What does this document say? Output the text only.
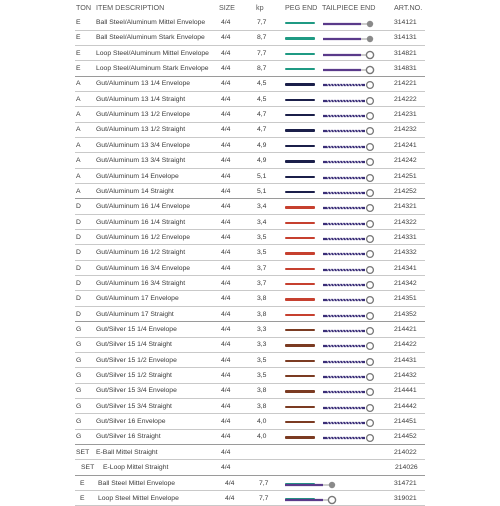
TON ITEM DESCRIPTION	SIZE	kp	PEG END TAILPIECE END	ART.NO.
E Ball Steel/Aluminum Mittel Envelope 4/4	7,7	314121
E Ball Steel/Aluminum Stark Envelope 4/4	8,7	314131
E Loop Steel/Aluminum Mittel Envelope 4/4	7,7	314821
E Loop Steel/Aluminum Stark Envelope 4/4	8,7	314831
A Gut/Aluminum 13 1/4 Envelope	4/4	4,5	214221
A Gut/Aluminum 13 1/4 Straight	4/4	4,5	214222
A Gut/Aluminum 13 1/2 Envelope	4/4	4,7	214231
A Gut/Aluminum 13 1/2 Straight	4/4	4,7	214232
A Gut/Aluminum 13 3/4 Envelope	4/4	4,9	214241
A Gut/Aluminum 13 3/4 Straight	4/4	4,9	214242
A Gut/Aluminum 14 Envelope	4/4	5,1	214251
A Gut/Aluminum 14 Straight	4/4	5,1	214252
D Gut/Aluminum 16 1/4 Envelope	4/4	3,4	214321
D Gut/Aluminum 16 1/4 Straight	4/4	3,4	214322
D Gut/Aluminum 16 1/2 Envelope	4/4	3,5	214331
D Gut/Aluminum 16 1/2 Straight	4/4	3,5	214332
D Gut/Aluminum 16 3/4 Envelope	4/4	3,7	214341
D Gut/Aluminum 16 3/4 Straight	4/4	3,7	214342
D Gut/Aluminum 17 Envelope	4/4	3,8	214351
D Gut/Aluminum 17 Straight	4/4	3,8	214352
G Gut/Silver 15 1/4 Envelope	4/4	3,3	214421
G Gut/Silver 15 1/4 Straight	4/4	3,3	214422
G Gut/Silver 15 1/2 Envelope	4/4	3,5	214431
G Gut/Silver 15 1/2 Straight	4/4	3,5	214432
G Gut/Silver 15 3/4 Envelope	4/4	3,8	214441
G Gut/Silver 15 3/4 Straight	4/4	3,8	214442
G Gut/Silver 16 Envelope	4/4	4,0	214451
G Gut/Silver 16 Straight	4/4	4,0	214452
SET E-Ball Mittel Straight	4/4	214022
SET E-Loop Mittel Straight	4/4	214026
E Ball Steel Mittel Envelope	4/4	7,7	314721
E Loop Steel Mittel Envelope	4/4	7,7	319021
